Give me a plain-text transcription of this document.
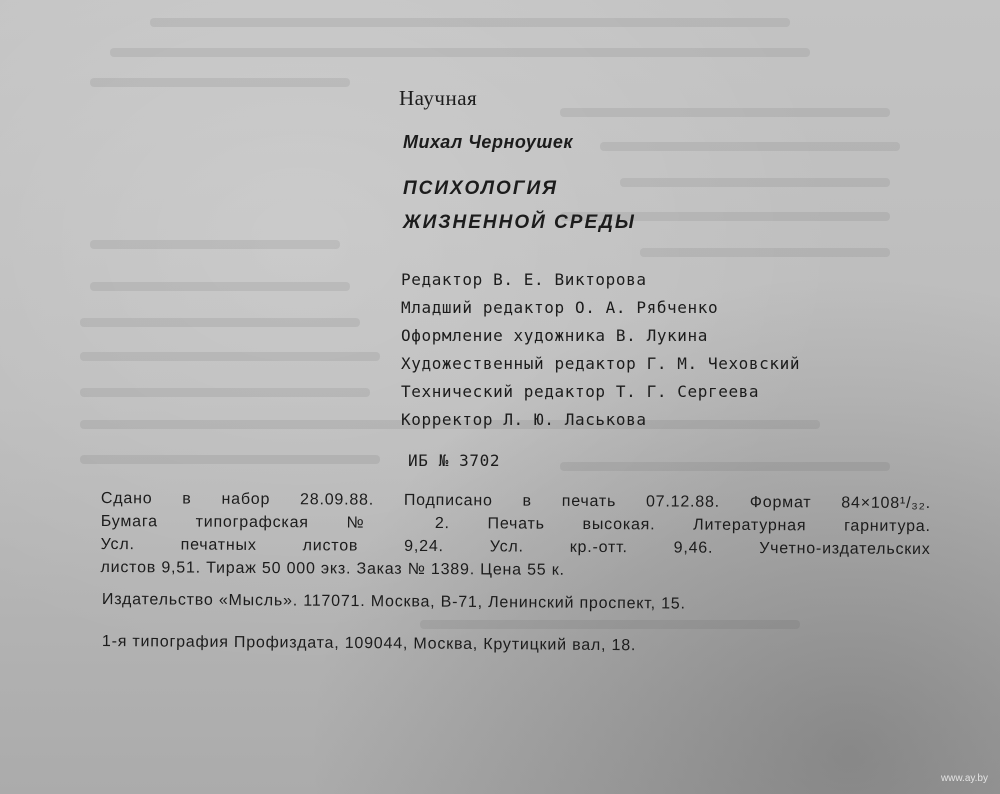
Научная
Михал Черноушек
ПСИХОЛОГИЯ
ЖИЗНЕННОЙ СРЕДЫ
Редактор В. Е. Викторова
Младший редактор О. А. Рябченко
Оформление художника В. Лукина
Художественный редактор Г. М. Чеховский
Технический редактор Т. Г. Сергеева
Корректор Л. Ю. Ласькова
ИБ № 3702
Сдано в набор 28.09.88. Подписано в печать 07.12.88. Формат 84×108¹/₃₂.
Бумага типографская № 2. Печать высокая. Литературная гарнитура.
Усл. печатных листов 9,24. Усл. кр.-отт. 9,46. Учетно-издательских
листов 9,51. Тираж 50 000 экз. Заказ № 1389. Цена 55 к.
Издательство «Мысль». 117071. Москва, В-71, Ленинский проспект, 15.
1-я типография Профиздата, 109044, Москва, Крутицкий вал, 18.
www.ay.by
